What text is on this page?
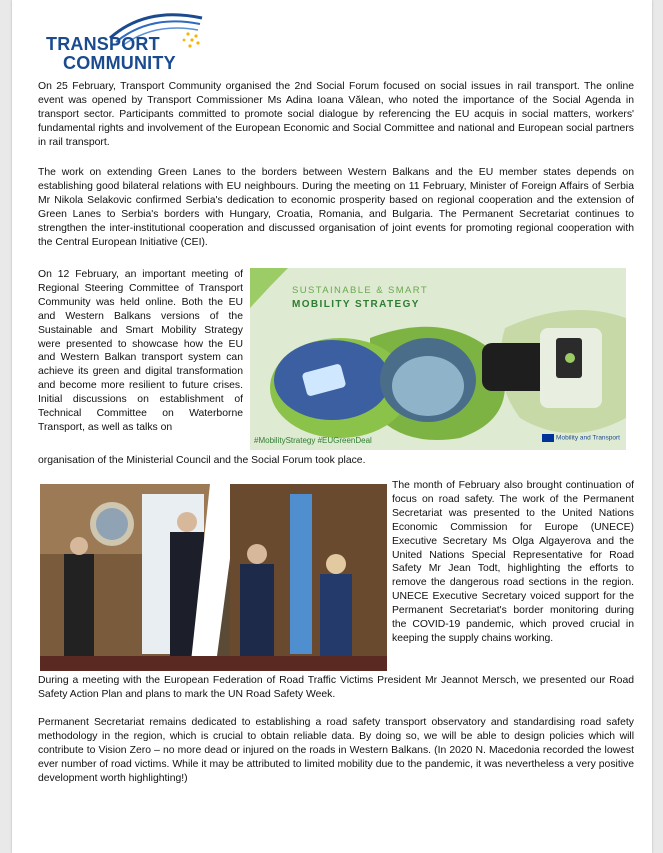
TRANSPORT
COMMUNITY

On 25 February, Transport Community organised the 2nd Social Forum focused on social issues in rail transport. The online event was opened by Transport Commissioner Ms Adina Ioana Vălean, who noted the importance of the Social Agenda in transport sector. Participants committed to promote social dialogue by referencing the EU acquis in social matters, workers' fundamental rights and involvement of the European Economic and Social Committee and national and European social partners in rail transport.

The work on extending Green Lanes to the borders between Western Balkans and the EU member states depends on establishing good bilateral relations with EU neighbours. During the meeting on 11 February, Minister of Foreign Affairs of Serbia Mr Nikola Selakovic confirmed Serbia's dedication to economic prosperity based on regional cooperation and the extension of Green Lanes to Serbia's borders with Hungary, Croatia, Romania, and Bulgaria. The Permanent Secretariat continues to strengthen the inter-institutional cooperation and discussed organisation of joint events for promoting regional cooperation with the Central European Initiative (CEI).

On 12 February, an important meeting of Regional Steering Committee of Transport Community was held online. Both the EU and Western Balkans versions of the Sustainable and Smart Mobility Strategy were presented to showcase how the EU and Western Balkan transport system can achieve its green and digital transformation and become more resilient to future crises. Initial discussions on establishment of Technical Committee on Waterborne Transport, as well as talks on

SUSTAINABLE & SMART
MOBILITY STRATEGY
#MobilityStrategy #EUGreenDeal	Mobility and Transport

organisation of the Ministerial Council and the Social Forum took place.

The month of February also brought continuation of focus on road safety. The work of the Permanent Secretariat was presented to the United Nations Economic Commission for Europe (UNECE) Executive Secretary Ms Olga Algayerova and the United Nations Special Representative for Road Safety Mr Jean Todt, highlighting the efforts to remove the dangerous road sections in the region. UNECE Executive Secretary voiced support for the Permanent Secretariat's border monitoring during the COVID-19 pandemic, which proved crucial in keeping the supply chains working.

During a meeting with the European Federation of Road Traffic Victims President Mr Jeannot Mersch, we presented our Road Safety Action Plan and plans to mark the UN Road Safety Week.

Permanent Secretariat remains dedicated to establishing a road safety transport observatory and standardising road safety methodology in the region, which is crucial to obtain reliable data. By doing so, we will be able to design policies which will contribute to Vision Zero – no more dead or injured on the roads in Western Balkans. (In 2020 N. Macedonia recorded the lowest ever number of road victims. While it may be attributed to limited mobility due to the pandemic, it was nevertheless a very positive development worth highlighting!)
